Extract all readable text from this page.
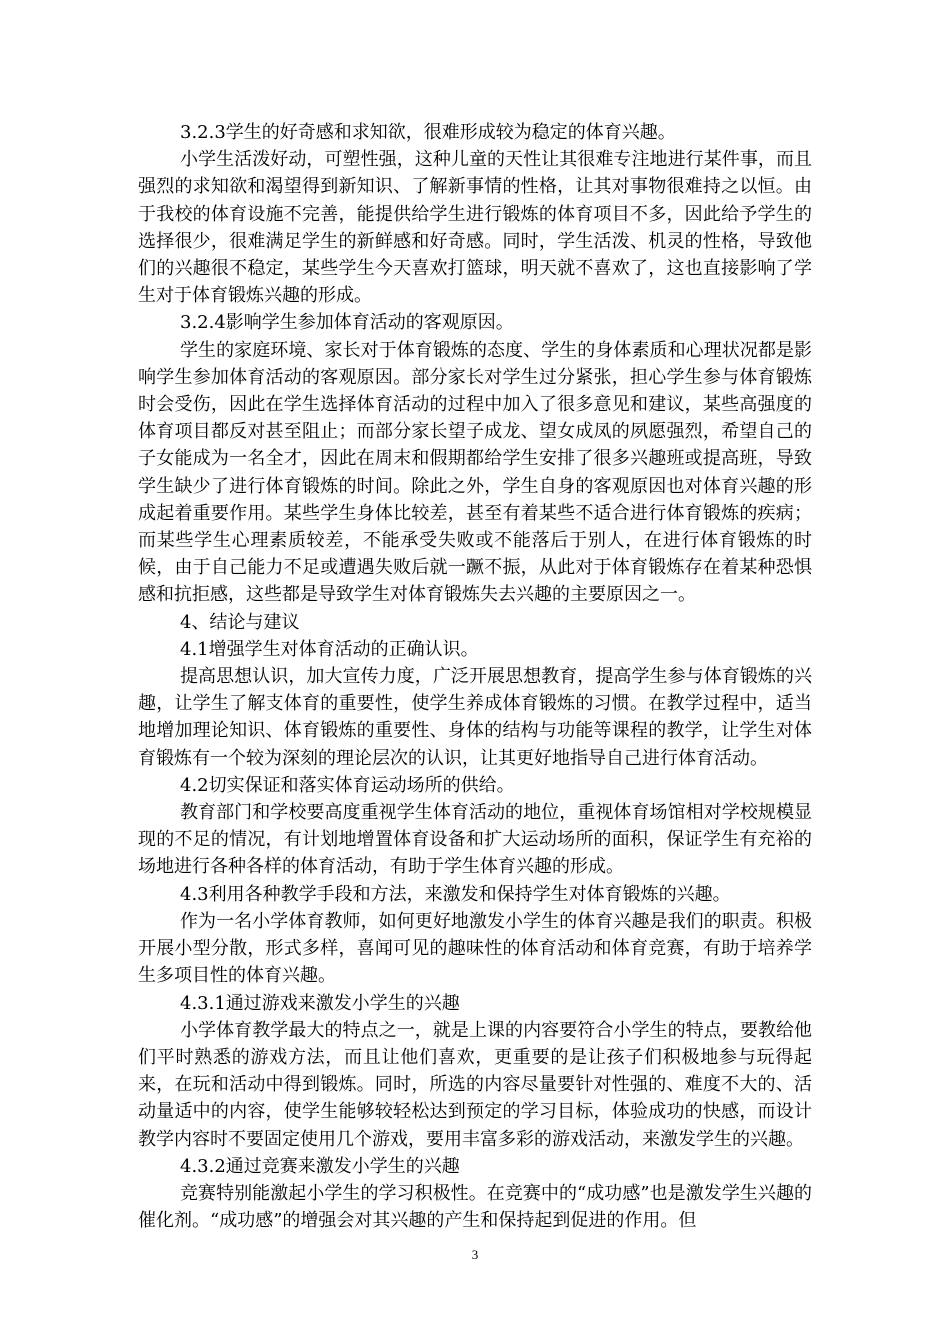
3.2.3学生的好奇感和求知欲，很难形成较为稳定的体育兴趣。

小学生活泼好动，可塑性强，这种儿童的天性让其很难专注地进行某件事，而且强烈的求知欲和渴望得到新知识、了解新事情的性格，让其对事物很难持之以恒。由于我校的体育设施不完善，能提供给学生进行锻炼的体育项目不多，因此给予学生的选择很少，很难满足学生的新鲜感和好奇感。同时，学生活泼、机灵的性格，导致他们的兴趣很不稳定，某些学生今天喜欢打篮球，明天就不喜欢了，这也直接影响了学生对于体育锻炼兴趣的形成。

3.2.4影响学生参加体育活动的客观原因。

学生的家庭环境、家长对于体育锻炼的态度、学生的身体素质和心理状况都是影响学生参加体育活动的客观原因。部分家长对学生过分紧张，担心学生参与体育锻炼时会受伤，因此在学生选择体育活动的过程中加入了很多意见和建议，某些高强度的体育项目都反对甚至阻止；而部分家长望子成龙、望女成凤的夙愿强烈，希望自己的子女能成为一名全才，因此在周末和假期都给学生安排了很多兴趣班或提高班，导致学生缺少了进行体育锻炼的时间。除此之外，学生自身的客观原因也对体育兴趣的形成起着重要作用。某些学生身体比较差，甚至有着某些不适合进行体育锻炼的疾病；而某些学生心理素质较差，不能承受失败或不能落后于别人，在进行体育锻炼的时候，由于自己能力不足或遭遇失败后就一蹶不振，从此对于体育锻炼存在着某种恐惧感和抗拒感，这些都是导致学生对体育锻炼失去兴趣的主要原因之一。

4、结论与建议

4.1增强学生对体育活动的正确认识。

提高思想认识，加大宣传力度，广泛开展思想教育，提高学生参与体育锻炼的兴趣，让学生了解支体育的重要性，使学生养成体育锻炼的习惯。在教学过程中，适当地增加理论知识、体育锻炼的重要性、身体的结构与功能等课程的教学，让学生对体育锻炼有一个较为深刻的理论层次的认识，让其更好地指导自己进行体育活动。

4.2切实保证和落实体育运动场所的供给。

教育部门和学校要高度重视学生体育活动的地位，重视体育场馆相对学校规模显现的不足的情况，有计划地增置体育设备和扩大运动场所的面积，保证学生有充裕的场地进行各种各样的体育活动，有助于学生体育兴趣的形成。

4.3利用各种教学手段和方法，来激发和保持学生对体育锻炼的兴趣。

作为一名小学体育教师，如何更好地激发小学生的体育兴趣是我们的职责。积极开展小型分散，形式多样，喜闻可见的趣味性的体育活动和体育竞赛，有助于培养学生多项目性的体育兴趣。

4.3.1通过游戏来激发小学生的兴趣

小学体育教学最大的特点之一，就是上课的内容要符合小学生的特点，要教给他们平时熟悉的游戏方法，而且让他们喜欢，更重要的是让孩子们积极地参与玩得起来，在玩和活动中得到锻炼。同时，所选的内容尽量要针对性强的、难度不大的、活动量适中的内容，使学生能够较轻松达到预定的学习目标，体验成功的快感，而设计教学内容时不要固定使用几个游戏，要用丰富多彩的游戏活动，来激发学生的兴趣。

4.3.2通过竞赛来激发小学生的兴趣

竞赛特别能激起小学生的学习积极性。在竞赛中的“成功感”也是激发学生兴趣的催化剂。“成功感”的增强会对其兴趣的产生和保持起到促进的作用。但

3
